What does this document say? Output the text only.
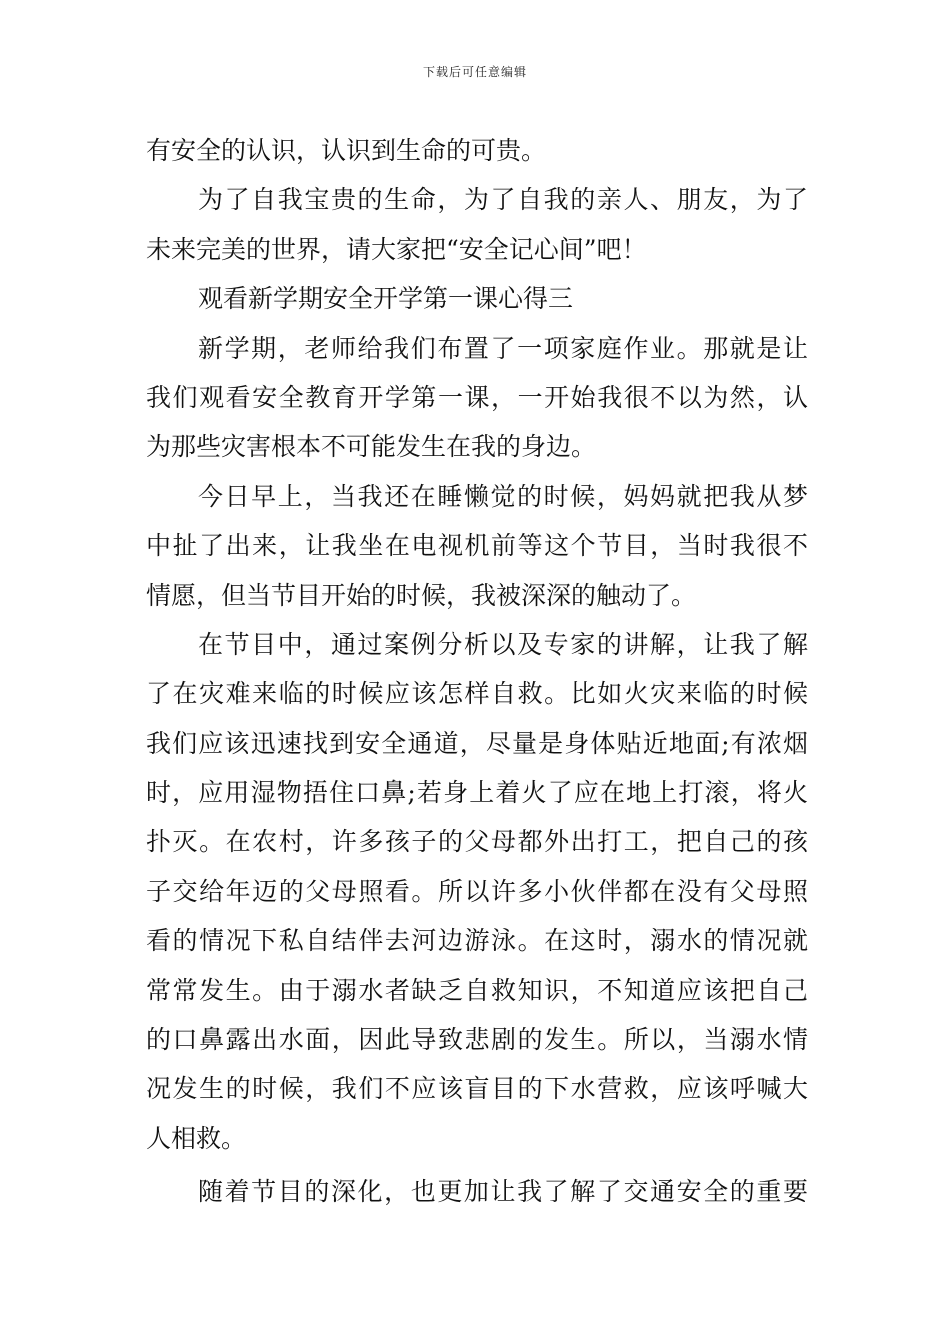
下载后可任意编辑
有安全的认识，认识到生命的可贵。
为了自我宝贵的生命，为了自我的亲人、朋友，为了
未来完美的世界，请大家把“安全记心间”吧！
观看新学期安全开学第一课心得三
新学期，老师给我们布置了一项家庭作业。那就是让
我们观看安全教育开学第一课，一开始我很不以为然，认
为那些灾害根本不可能发生在我的身边。
今日早上，当我还在睡懒觉的时候，妈妈就把我从梦
中扯了出来，让我坐在电视机前等这个节目，当时我很不
情愿，但当节目开始的时候，我被深深的触动了。
在节目中，通过案例分析以及专家的讲解，让我了解
了在灾难来临的时候应该怎样自救。比如火灾来临的时候
我们应该迅速找到安全通道，尽量是身体贴近地面;有浓烟
时，应用湿物捂住口鼻;若身上着火了应在地上打滚，将火
扑灭。在农村，许多孩子的父母都外出打工，把自己的孩
子交给年迈的父母照看。所以许多小伙伴都在没有父母照
看的情况下私自结伴去河边游泳。在这时，溺水的情况就
常常发生。由于溺水者缺乏自救知识，不知道应该把自己
的口鼻露出水面，因此导致悲剧的发生。所以，当溺水情
况发生的时候，我们不应该盲目的下水营救，应该呼喊大
人相救。
随着节目的深化，也更加让我了解了交通安全的重要
